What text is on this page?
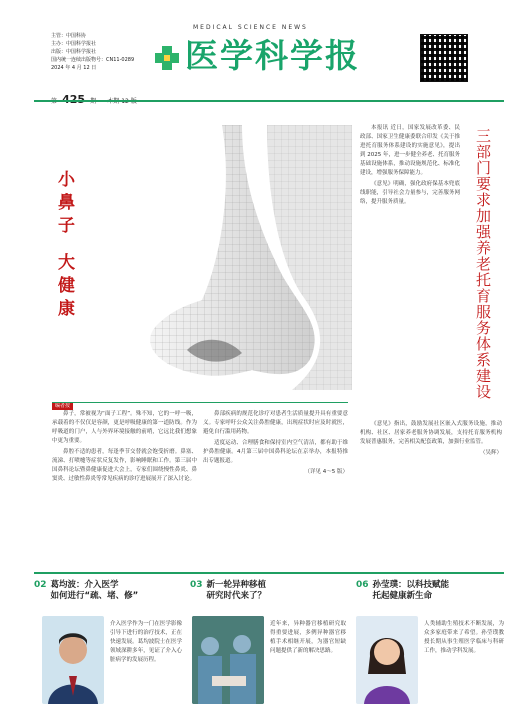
主管：中国科协
主办：中国科学报社
出版：中国科学报社
国内统一连续出版物号：CN11-0289
2024 年 4 月 12 日
MEDICAL SCIENCE NEWS
医学科学报
小鼻子大健康	三部门要求加强养老托育服务体系建设

本报讯 近日，国家发展改革委、民政部、国家卫生健康委联合印发《关于推进托育服务体系建设的实施意见》，提出到 2025 年，进一步健全养老、托育服务基础设施体系，推动设施规范化、标准化建设，增强服务保障能力。

《意见》明确，强化政府保基本兜底线职能，引导社会力量参与，完善服务网络，提升服务质量。

《意见》指出，鼓励发展社区嵌入式服务设施，推动机构、社区、居家养老服务协调发展，支持托育服务机构发展普惠服务，完善相关配套政策，加强行业监管。

（吴辉）
编者按

鼻子，常被视为“面子工程”。殊不知，它的一呼一吸，承载着的不仅仅是容颜，更是呼吸健康的第一道防线。作为呼吸道的门户，人与外界环境接触的前哨，它远比我们想象中更为重要。

鼻腔不适的患者，每逢季节交替就会饱受折磨。鼻塞、流涕、打喷嚏等症状反复发作，影响睡眠和工作。第三届中国鼻科论坛暨鼻健康促进大会上，专家们围绕慢性鼻炎、鼻窦炎、过敏性鼻炎等常见疾病的诊疗进展展开了深入讨论。

鼻部疾病的规范化诊疗对患者生活质量提升具有重要意义。专家呼吁公众关注鼻腔健康，出现症状时应及时就医，避免自行滥用药物。

适度运动、合理膳食和保持室内空气清洁，都有助于维护鼻腔健康。4月第三届中国鼻科论坛在京举办，本报特推出专题报道。

（详见 4～5 版）
02 葛均波：介入医学
如何进行“疏、堵、修”
介入医学作为一门在医学影像引导下进行的治疗技术，正在快速发展。葛均波院士在医学领域深耕多年，见证了介入心脏病学的发展历程。
03 新一轮异种移植
研究时代来了？
近年来，异种器官移植研究取得重要进展，多例异种器官移植手术相继开展，为器官短缺问题提供了新的解决思路。
06 孙莹璞：以科技赋能
托起健康新生命
人类辅助生殖技术不断发展，为众多家庭带来了希望。孙莹璞教授长期从事生殖医学临床与科研工作，推动学科发展。
